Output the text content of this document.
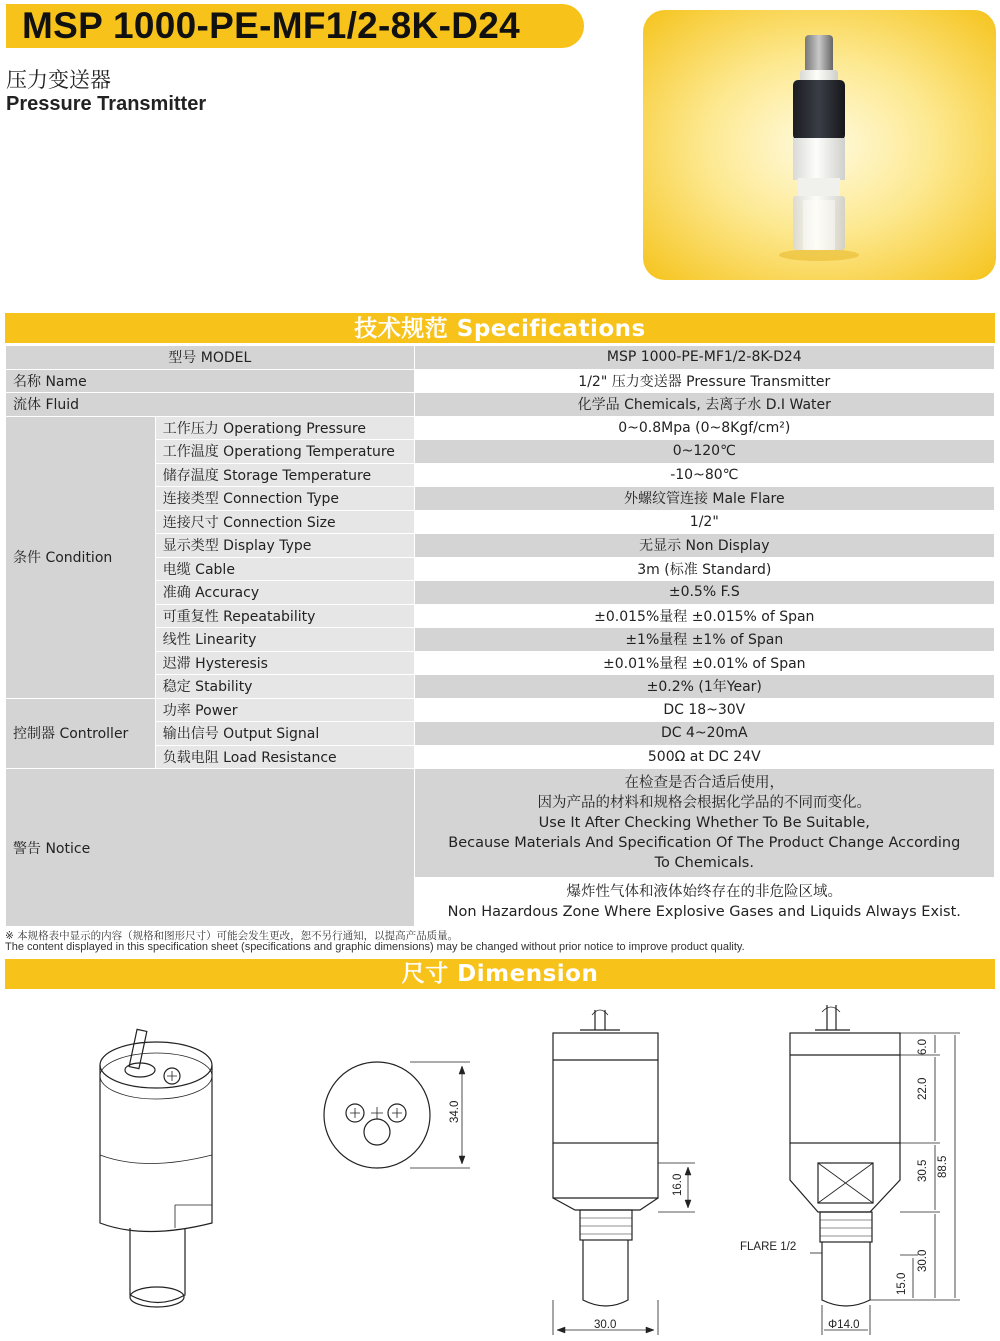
MSP 1000-PE-MF1/2-8K-D24
压力变送器
Pressure Transmitter
技术规范 Specifications
型号 MODEL		MSP 1000-PE-MF1/2-8K-D24
名称 Name		1/2" 压力变送器 Pressure Transmitter
流体 Fluid		化学品 Chemicals, 去离子水 D.I Water
条件 Condition	工作压力 Operationg Pressure	0~0.8Mpa (0~8Kgf/cm²)
	工作温度 Operationg Temperature	0~120℃
	储存温度 Storage Temperature	-10~80℃
	连接类型 Connection Type	外螺纹管连接 Male Flare
	连接尺寸 Connection Size	1/2"
	显示类型 Display Type	无显示 Non Display
	电缆 Cable	3m (标准 Standard)
	准确 Accuracy	±0.5% F.S
	可重复性 Repeatability	±0.015%量程 ±0.015% of Span
	线性 Linearity	±1%量程 ±1% of Span
	迟滞 Hysteresis	±0.01%量程 ±0.01% of Span
	稳定 Stability	±0.2% (1年Year)
控制器 Controller	功率 Power	DC 18~30V
	输出信号 Output Signal	DC 4~20mA
	负载电阻 Load Resistance	500Ω at DC 24V
警告 Notice		在检查是否合适后使用，
因为产品的材料和规格会根据化学品的不同而变化。
Use It After Checking Whether To Be Suitable,
Because Materials And Specification Of The Product Change According
To Chemicals.

		爆炸性气体和液体始终存在的非危险区域。
Non Hazardous Zone Where Explosive Gases and Liquids Always Exist.
※ 本规格表中显示的内容（规格和图形尺寸）可能会发生更改，恕不另行通知，以提高产品质量。
The content displayed in this specification sheet (specifications and graphic dimensions) may be changed without prior notice to improve product quality.
尺寸 Dimension
34.0
16.0
30.0
6.0
22.0
30.5 88.5
30.0
15.0
FLARE 1/2
Φ14.0
